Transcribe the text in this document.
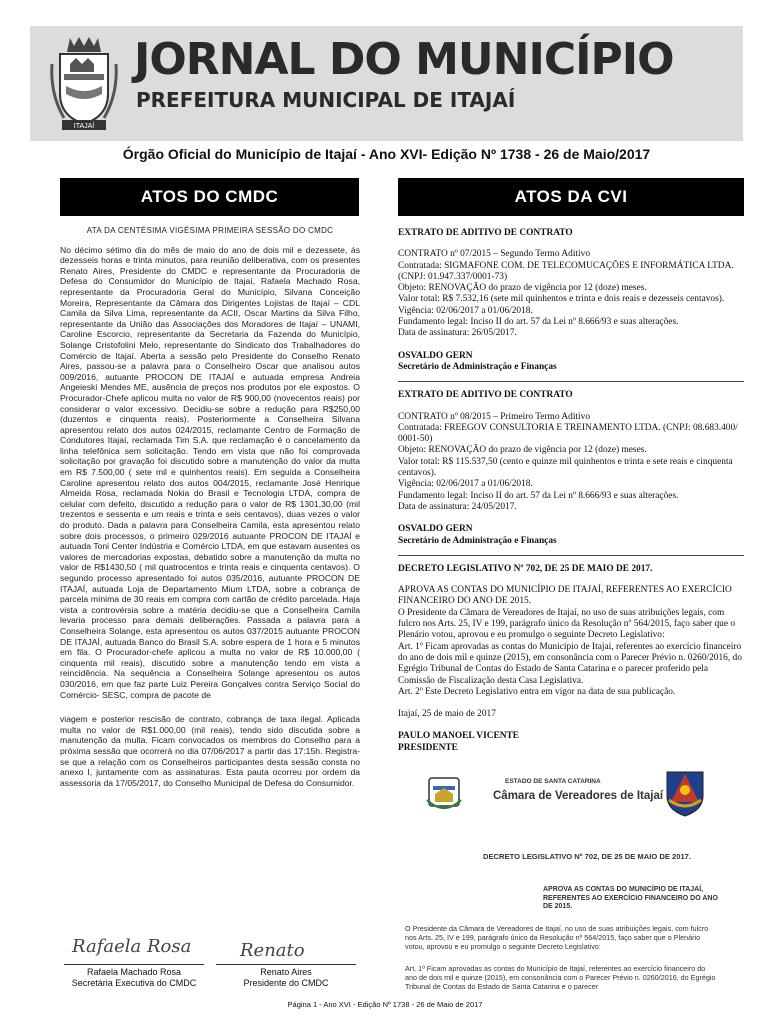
ITAJAÍ
JORNAL DO MUNICÍPIO
PREFEITURA MUNICIPAL DE ITAJAÍ
Órgão Oficial do Município de Itajaí - Ano XVI- Edição Nº 1738 - 26 de Maio/2017
ATOS DO CMDC	ATOS DA CVI

ATA DA CENTÉSIMA VIGÉSIMA PRIMEIRA SESSÃO DO CMDC

No décimo sétimo dia do mês de maio do ano de dois mil e dezessete, ás dezesseis horas e trinta minutos, para reunião deliberativa, com os presentes Renato Aires, Presidente do CMDC e representante da Procuradoria de Defesa do Consumidor do Município de Itajaí, Rafaela Machado Rosa, representante da Procuradoria Geral do Município, Silvana Conceição Moreira, Representante da Câmara dos Dirigentes Lojistas de Itajaí – CDL Camila da Silva Lima, representante da ACII, Oscar Martins da Silva Filho, representante da União das Associações dos Moradores de Itajaí – UNAMI, Caroline Escorcio, representante da Secretaria da Fazenda do Município, Solange Cristofolini Melo, representante do Sindicato dos Trabalhadores do Comércio de Itajaí. Aberta a sessão pelo Presidente do Conselho Renato Aires, passou-se a palavra para o Conselheiro Oscar que analisou autos 009/2016, autuante PROCON DE ITAJAÍ e autuada empresa Andreia Angeieski Mendes ME, ausência de preços nos produtos por ele expostos. O Procurador-Chefe aplicou multa no valor de R$ 900,00 (novecentos reais) por considerar o valor excessivo. Decidiu-se sobre a redução para R$250,00 (duzentos e cinquenta reais). Posteriormente a Conselheira Silvana apresentou relato dos autos 024/2015, reclamante Centro de Formação de Condutores Itajaí, reclamada Tim S.A. que reclamação é o cancelamento da linha telefônica sem solicitação. Tendo em vista que não foi comprovada solicitação por gravação foi discutido sobre a manutenção do valor da multa em R$ 7.500,00 ( sete mil e quinhentos reais). Em seguida a Conselheira Caroline apresentou relato dos autos 004/2015, reclamante José Henrique Almeida Rosa, reclamada Nokia do Brasil e Tecnologia LTDA, compra de celular com defeito, discutido a redução para o valor de R$ 1301,30,00 (mil trezentos e sessenta e um reais e trinta e seis centavos), duas vezes o valor do produto. Dada a palavra para Conselheira Camila, esta apresentou relato sobre dois processos, o primeiro 029/2016 autuante PROCON DE ITAJAÍ e autuada Toni Center Indústria e Comércio LTDA, em que estavam ausentes os valores de mercadorias expostas, debatido sobre a manutenção da multa no valor de R$1430,50 ( mil quatrocentos e trinta reais e cinquenta centavos). O segundo processo apresentado foi autos 035/2016, autuante PROCON DE ITAJAÍ, autuada Loja de Departamento Mium LTDA, sobre a cobrança de parcela mínima de 30 reais em compra com cartão de crédito parcelada. Haja vista a controvérsia sobre a matéria decidiu-se que a Conselheira Camila levaria processo para demais deliberações. Passada a palavra para a Conselheira Solange, esta apresentou os autos 037/2015 autuante PROCON DE ITAJAÍ, autuada Banco do Brasil S.A. sobre espera de 1 hora e 5 minutos em fila. O Procurador-chefe aplicou a multa no valor de R$ 10.000,00 ( cinquenta mil reais), discutido sobre a manutenção tendo em vista a reincidência. Na sequência a Conselheira Solange apresentou os autos 030/2016, em que faz parte Luiz Pereira Gonçalves contra Serviço Social do Comércio- SESC, compra de pacote de

viagem e posterior rescisão de contrato, cobrança de taxa ilegal. Aplicada multa no valor de R$1.000,00 (mil reais), tendo sido discutida sobre a manutenção da multa. Ficam convocados os membros do Conselho para a próxima sessão que ocorrerá no dia 07/06/2017 a partir das 17:15h. Registra-se que a relação com os Conselheiros participantes desta sessão consta no anexo I, juntamente com as assinaturas. Esta pauta ocorreu por ordem da assessoria da 17/05/2017, do Conselho Municipal de Defesa do Consumidor.

Rafaela Rosa	Renato
Rafaela Machado Rosa
Secretária Executiva do CMDC
Renato Aires
Presidente do CMDC

EXTRATO DE ADITIVO DE CONTRATO

CONTRATO nº 07/2015 – Segundo Termo Aditivo

Contratada: SIGMAFONE COM. DE TELECOMUCAÇÕES E INFORMÁTICA LTDA. (CNPJ: 01.947.337/0001-73)

Objeto: RENOVAÇÃO do prazo de vigência por 12 (doze) meses.

Valor total: R$ 7.532,16 (sete mil quinhentos e trinta e dois reais e dezesseis centavos).

Vigência: 02/06/2017 a 01/06/2018.

Fundamento legal: Inciso II do art. 57 da Lei nº 8.666/93 e suas alterações.

Data de assinatura: 26/05/2017.

OSVALDO GERN

Secretário de Administração e Finanças

EXTRATO DE ADITIVO DE CONTRATO

CONTRATO nº 08/2015 – Primeiro Termo Aditivo

Contratada: FREEGOV CONSULTORIA E TREINAMENTO LTDA. (CNPJ: 08.683.400/ 0001-50)

Objeto: RENOVAÇÃO do prazo de vigência por 12 (doze) meses.

Valor total: R$ 115.537,50 (cento e quinze mil quinhentos e trinta e sete reais e cinquenta centavos).

Vigência: 02/06/2017 a 01/06/2018.

Fundamento legal: Inciso II do art. 57 da Lei nº 8.666/93 e suas alterações.

Data de assinatura: 24/05/2017.

OSVALDO GERN

Secretário de Administração e Finanças

DECRETO LEGISLATIVO Nº 702, DE 25 DE MAIO DE 2017.

APROVA AS CONTAS DO MUNICÍPIO DE ITAJAÍ, REFERENTES AO EXERCÍCIO FINANCEIRO DO ANO DE 2015.

O Presidente da Câmara de Vereadores de Itajaí, no uso de suas atribuições legais, com fulcro nos Arts. 25, IV e 199, parágrafo único da Resolução nº 564/2015, faço saber que o Plenário votou, aprovou e eu promulgo o seguinte Decreto Legislativo:

Art. 1º Ficam aprovadas as contas do Município de Itajaí, referentes ao exercício financeiro do ano de dois mil e quinze (2015), em consonância com o Parecer Prévio n. 0260/2016, do Egrégio Tribunal de Contas do Estado de Santa Catarina e o parecer proferido pela Comissão de Fiscalização desta Casa Legislativa.

Art. 2º Este Decreto Legislativo entra em vigor na data de sua publicação.

Itajaí, 25 de maio de 2017

PAULO MANOEL VICENTE

PRESIDENTE

ESTADO DE SANTA CATARINA
Câmara de Vereadores de Itajaí
DECRETO LEGISLATIVO Nº 702, DE 25 DE MAIO DE 2017.
APROVA AS CONTAS DO MUNICÍPIO DE ITAJAÍ, REFERENTES AO EXERCÍCIO FINANCEIRO DO ANO DE 2015.
O Presidente da Câmara de Vereadores de Itajaí, no uso de suas atribuições legais, com fulcro nos Arts. 25, IV e 199, parágrafo único da Resolução nº 564/2015, faço saber que o Plenário votou, aprovou e eu promulgo o seguinte Decreto Legislativo:
Art. 1º Ficam aprovadas as contas do Município de Itajaí, referentes ao exercício financeiro do ano de dois mil e quinze (2015), em consonância com o Parecer Prévio n. 0260/2016, do Egrégio Tribunal de Contas do Estado de Santa Catarina e o parecer
Página 1 - Ano XVI - Edição Nº 1738 - 26 de Maio de 2017
